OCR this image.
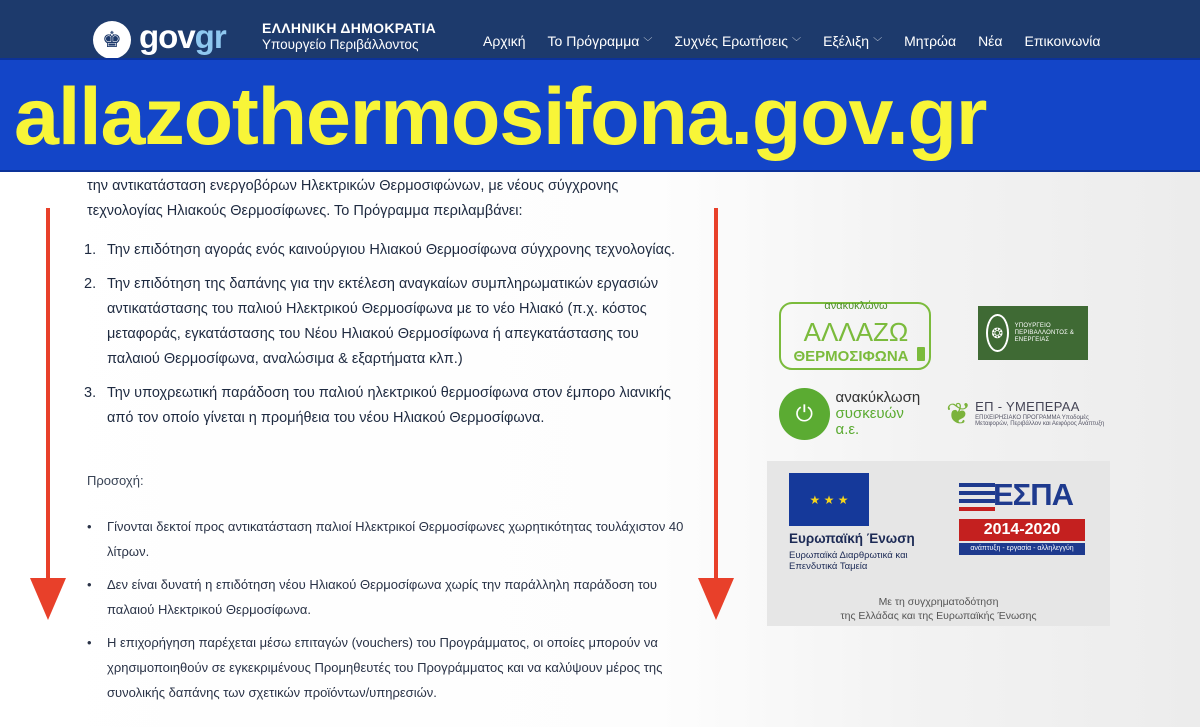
♚ govgr	ΕΛΛΗΝΙΚΗ ΔΗΜΟΚΡΑΤΙΑ
Υπουργείο Περιβάλλοντος	Αρχική Το Πρόγραμμα ﹀ Συχνές Ερωτήσεις ﹀ Εξέλιξη ﹀ Μητρώα Νέα Επικοινωνία
allazothermosifona.gov.gr

την αντικατάσταση ενεργοβόρων Ηλεκτρικών Θερμοσιφώνων, με νέους σύγχρονης τεχνολογίας Ηλιακούς Θερμοσίφωνες. Το Πρόγραμμα περιλαμβάνει:

1. Την επιδότηση αγοράς ενός καινούργιου Ηλιακού Θερμοσίφωνα σύγχρονης τεχνολογίας.
2. Την επιδότηση της δαπάνης για την εκτέλεση αναγκαίων συμπληρωματικών εργασιών αντικατάστασης του παλιού Ηλεκτρικού Θερμοσίφωνα με το νέο Ηλιακό (π.χ. κόστος μεταφοράς, εγκατάστασης του Νέου Ηλιακού Θερμοσίφωνα ή απεγκατάστασης του παλαιού Θερμοσίφωνα, αναλώσιμα & εξαρτήματα κλπ.)
3. Την υποχρεωτική παράδοση του παλιού ηλεκτρικού θερμοσίφωνα στον έμπορο λιανικής από τον οποίο γίνεται η προμήθεια του νέου Ηλιακού Θερμοσίφωνα.
Προσοχή:
• Γίνονται δεκτοί προς αντικατάσταση παλιοί Ηλεκτρικοί Θερμοσίφωνες χωρητικότητας τουλάχιστον 40 λίτρων.
• Δεν είναι δυνατή η επιδότηση νέου Ηλιακού Θερμοσίφωνα χωρίς την παράλληλη παράδοση του παλαιού Ηλεκτρικού Θερμοσίφωνα.
• Η επιχορήγηση παρέχεται μέσω επιταγών (vouchers) του Προγράμματος, οι οποίες μπορούν να χρησιμοποιηθούν σε εγκεκριμένους Προμηθευτές του Προγράμματος και να καλύψουν μέρος της συνολικής δαπάνης των σχετικών προϊόντων/υπηρεσιών.
ανακυκλώνω
ΑΛΛΑΖΩ
ΘΕΡΜΟΣΙΦΩΝΑ
❂	ΥΠΟΥΡΓΕΙΟ ΠΕΡΙΒΑΛΛΟΝΤΟΣ & ΕΝΕΡΓΕΙΑΣ
⏻
ανακύκλωση
συσκευών α.ε.	❦ ΕΠ - ΥΜΕΠΕΡΑΑ
ΕΠΙΧΕΙΡΗΣΙΑΚΟ ΠΡΟΓΡΑΜΜΑ Υποδομές Μεταφορών, Περιβάλλον και Αειφόρος Ανάπτυξη
★ ★ ★
Ευρωπαϊκή Ένωση
Ευρωπαϊκά Διαρθρωτικά και Επενδυτικά Ταμεία
ΕΣΠΑ
2014-2020
ανάπτυξη - εργασία - αλληλεγγύη
Με τη συγχρηματοδότηση
της Ελλάδας και της Ευρωπαϊκής Ένωσης
